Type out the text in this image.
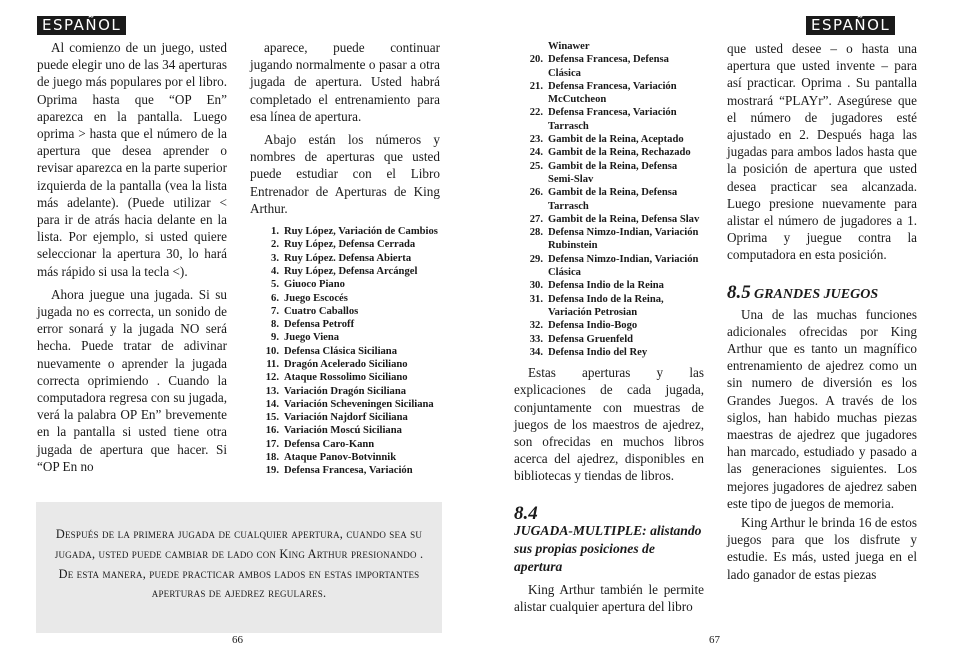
ESPAÑOL	ESPAÑOL

Al comienzo de un juego, usted puede elegir uno de las 34 aperturas de juego más populares por el libro. Oprima hasta que “OP En” aparezca en la pantalla. Luego oprima > hasta que el número de la apertura que desea aprender o revisar aparezca en la parte superior izquierda de la pantalla (vea la lista más adelante). (Puede utilizar < para ir de atrás hacia delante en la lista. Por ejemplo, si usted quiere seleccionar la apertura 30, lo hará más rápido si usa la tecla <).

Ahora juegue una jugada. Si su jugada no es correcta, un sonido de error sonará y la jugada NO será hecha. Puede tratar de adivinar nuevamente o aprender la jugada correcta oprimiendo . Cuando la computadora regresa con su jugada, verá la palabra OP En” brevemente en la pantalla si usted tiene otra jugada de apertura que hacer. Si “OP En no

aparece, puede continuar jugando normalmente o pasar a otra jugada de apertura. Usted habrá completado el entrenamiento para esa línea de apertura.

Abajo están los números y nombres de aperturas que usted puede estudiar con el Libro Entrenador de Aperturas de King Arthur.

1. Ruy López, Variación de Cambios
2. Ruy López, Defensa Cerrada
3. Ruy López. Defensa Abierta
4. Ruy López, Defensa Arcángel
5. Giuoco Piano
6. Juego Escocés
7. Cuatro Caballos
8. Defensa Petroff
9. Juego Viena
10. Defensa Clásica Siciliana
11. Dragón Acelerado Siciliano
12. Ataque Rossolimo Siciliano
13. Variación Dragón Siciliana
14. Variación Scheveningen Siciliana
15. Variación Najdorf Siciliana
16. Variación Moscú Siciliana
17. Defensa Caro-Kann
18. Ataque Panov-Botvinnik
19. Defensa Francesa, Variación

Después de la primera jugada de cualquier apertura, cuando sea su jugada, usted puede cambiar de lado con King Arthur presionando . De esta manera, puede practicar ambos lados en estas importantes aperturas de ajedrez regulares.

66
Winawer
20. Defensa Francesa, Defensa Clásica
21. Defensa Francesa, Variación McCutcheon
22. Defensa Francesa, Variación Tarrasch
23. Gambit de la Reina, Aceptado
24. Gambit de la Reina, Rechazado
25. Gambit de la Reina, Defensa Semi-Slav
26. Gambit de la Reina, Defensa Tarrasch
27. Gambit de la Reina, Defensa Slav
28. Defensa Nimzo-Indian, Variación Rubinstein
29. Defensa Nimzo-Indian, Variación Clásica
30. Defensa Indio de la Reina
31. Defensa Indo de la Reina, Variación Petrosian
32. Defensa Indio-Bogo
33. Defensa Gruenfeld
34. Defensa Indio del Rey

Estas aperturas y las explicaciones de cada jugada, conjuntamente con muestras de juegos de los maestros de ajedrez, son ofrecidas en muchos libros acerca del ajedrez, disponibles en bibliotecas y tiendas de libros.

8.4
JUGADA-MULTIPLE: alistando sus propias posiciones de apertura

King Arthur también le permite alistar cualquier apertura del libro

67

que usted desee – o hasta una apertura que usted invente – para así practicar. Oprima . Su pantalla mostrará “PLAYr”. Asegúrese que el número de jugadores esté ajustado en 2. Después haga las jugadas para ambos lados hasta que la posición de apertura que usted desea practicar sea alcanzada. Luego presione nuevamente para alistar el número de jugadores a 1. Oprima y juegue contra la computadora en esta posición.

8.5 GRANDES JUEGOS

Una de las muchas funciones adicionales ofrecidas por King Arthur que es tanto un magnífico entrenamiento de ajedrez como un sin numero de diversión es los Grandes Juegos. A través de los siglos, han habido muchas piezas maestras de ajedrez que jugadores han marcado, estudiado y pasado a las generaciones siguientes. Los mejores jugadores de ajedrez saben este tipo de juegos de memoria.

King Arthur le brinda 16 de estos juegos para que los disfrute y estudie. Es más, usted juega en el lado ganador de estas piezas
